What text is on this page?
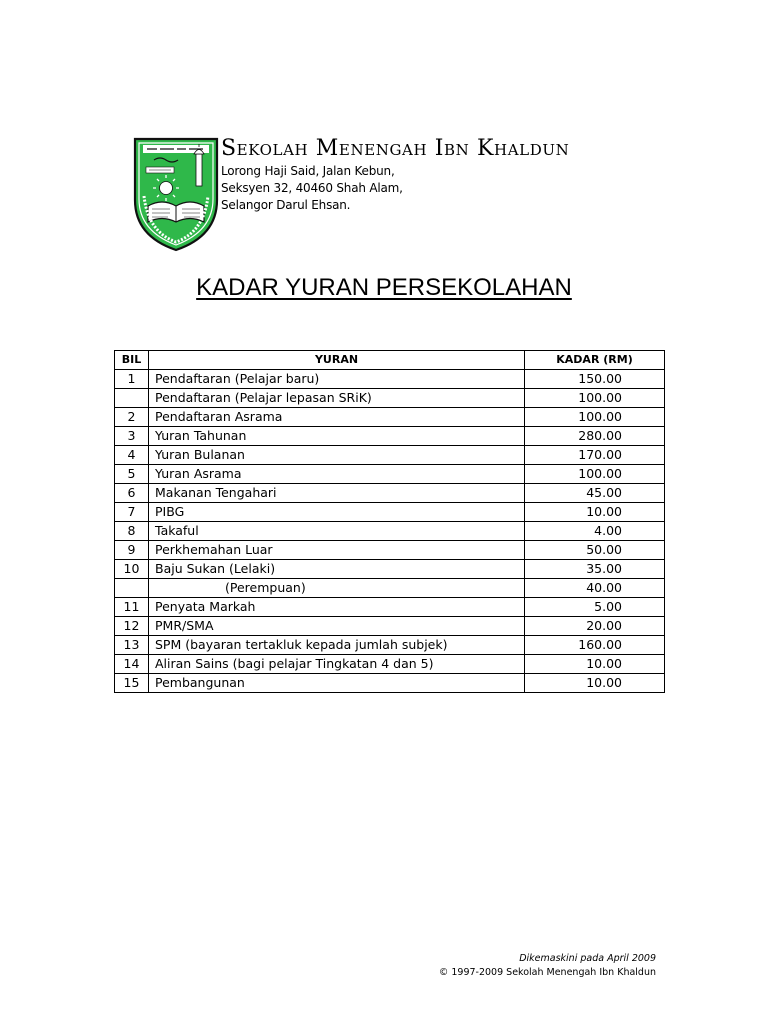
Sekolah Menengah Ibn Khaldun
Lorong Haji Said, Jalan Kebun,
Seksyen 32, 40460 Shah Alam,
Selangor Darul Ehsan.
KADAR YURAN PERSEKOLAHAN
BIL	YURAN	KADAR (RM)
1	Pendaftaran (Pelajar baru)	150.00
	Pendaftaran (Pelajar lepasan SRiK)	100.00
2	Pendaftaran Asrama	100.00
3	Yuran Tahunan	280.00
4	Yuran Bulanan	170.00
5	Yuran Asrama	100.00
6	Makanan Tengahari	45.00
7	PIBG	10.00
8	Takaful	4.00
9	Perkhemahan Luar	50.00
10	Baju Sukan (Lelaki)	35.00
	(Perempuan)	40.00
11	Penyata Markah	5.00
12	PMR/SMA	20.00
13	SPM (bayaran tertakluk kepada jumlah subjek)	160.00
14	Aliran Sains (bagi pelajar Tingkatan 4 dan 5)	10.00
15	Pembangunan	10.00
Dikemaskini pada April 2009
© 1997-2009 Sekolah Menengah Ibn Khaldun
